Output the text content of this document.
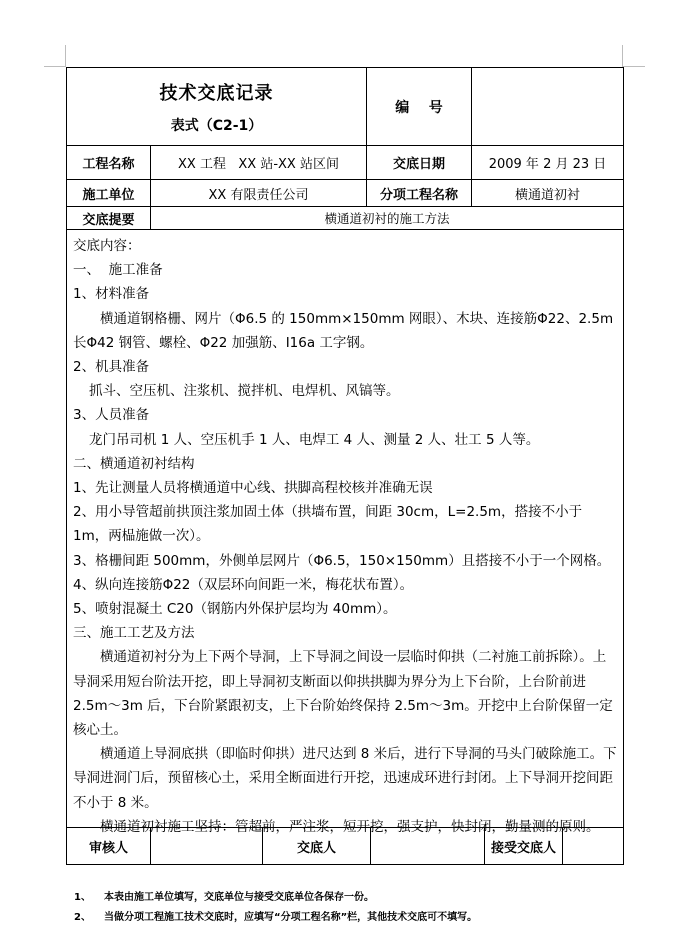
技术交底记录
表式（C2-1）
编    号
工程名称	XX 工程   XX 站-XX 站区间	交底日期	2009 年 2 月 23 日
施工单位	XX 有限责任公司	分项工程名称	横通道初衬
交底提要	横通道初衬的施工方法

交底内容：

一、  施工准备

1、材料准备

横通道钢格栅、网片（Φ6.5 的 150mm×150mm 网眼）、木块、连接筋Φ22、2.5m 长Φ42 钢管、螺栓、Φ22 加强筋、I16a 工字钢。

2、机具准备

抓斗、空压机、注浆机、搅拌机、电焊机、风镐等。

3、人员准备

龙门吊司机 1 人、空压机手 1 人、电焊工 4 人、测量 2 人、壮工 5 人等。

二、横通道初衬结构

1、先让测量人员将横通道中心线、拱脚高程校核并准确无误

2、用小导管超前拱顶注浆加固土体（拱墙布置，间距 30cm，L=2.5m，搭接不小于 1m，两榀施做一次）。

3、格栅间距 500mm，外侧单层网片（Φ6.5，150×150mm）且搭接不小于一个网格。

4、纵向连接筋Φ22（双层环向间距一米，梅花状布置）。

5、喷射混凝土 C20（钢筋内外保护层均为 40mm）。

三、施工工艺及方法

横通道初衬分为上下两个导洞，上下导洞之间设一层临时仰拱（二衬施工前拆除）。上导洞采用短台阶法开挖，即上导洞初支断面以仰拱拱脚为界分为上下台阶，上台阶前进 2.5m～3m 后，下台阶紧跟初支，上下台阶始终保持 2.5m～3m。开挖中上台阶保留一定核心土。

横通道上导洞底拱（即临时仰拱）进尺达到 8 米后，进行下导洞的马头门破除施工。下导洞进洞门后，预留核心土，采用全断面进行开挖，迅速成环进行封闭。上下导洞开挖间距不小于 8 米。

横通道初衬施工坚持：管超前，严注浆，短开挖，强支护，快封闭，勤量测的原则。

审核人	交底人	接受交底人

1、 本表由施工单位填写，交底单位与接受交底单位各保存一份。

2、 当做分项工程施工技术交底时，应填写“分项工程名称”栏，其他技术交底可不填写。
